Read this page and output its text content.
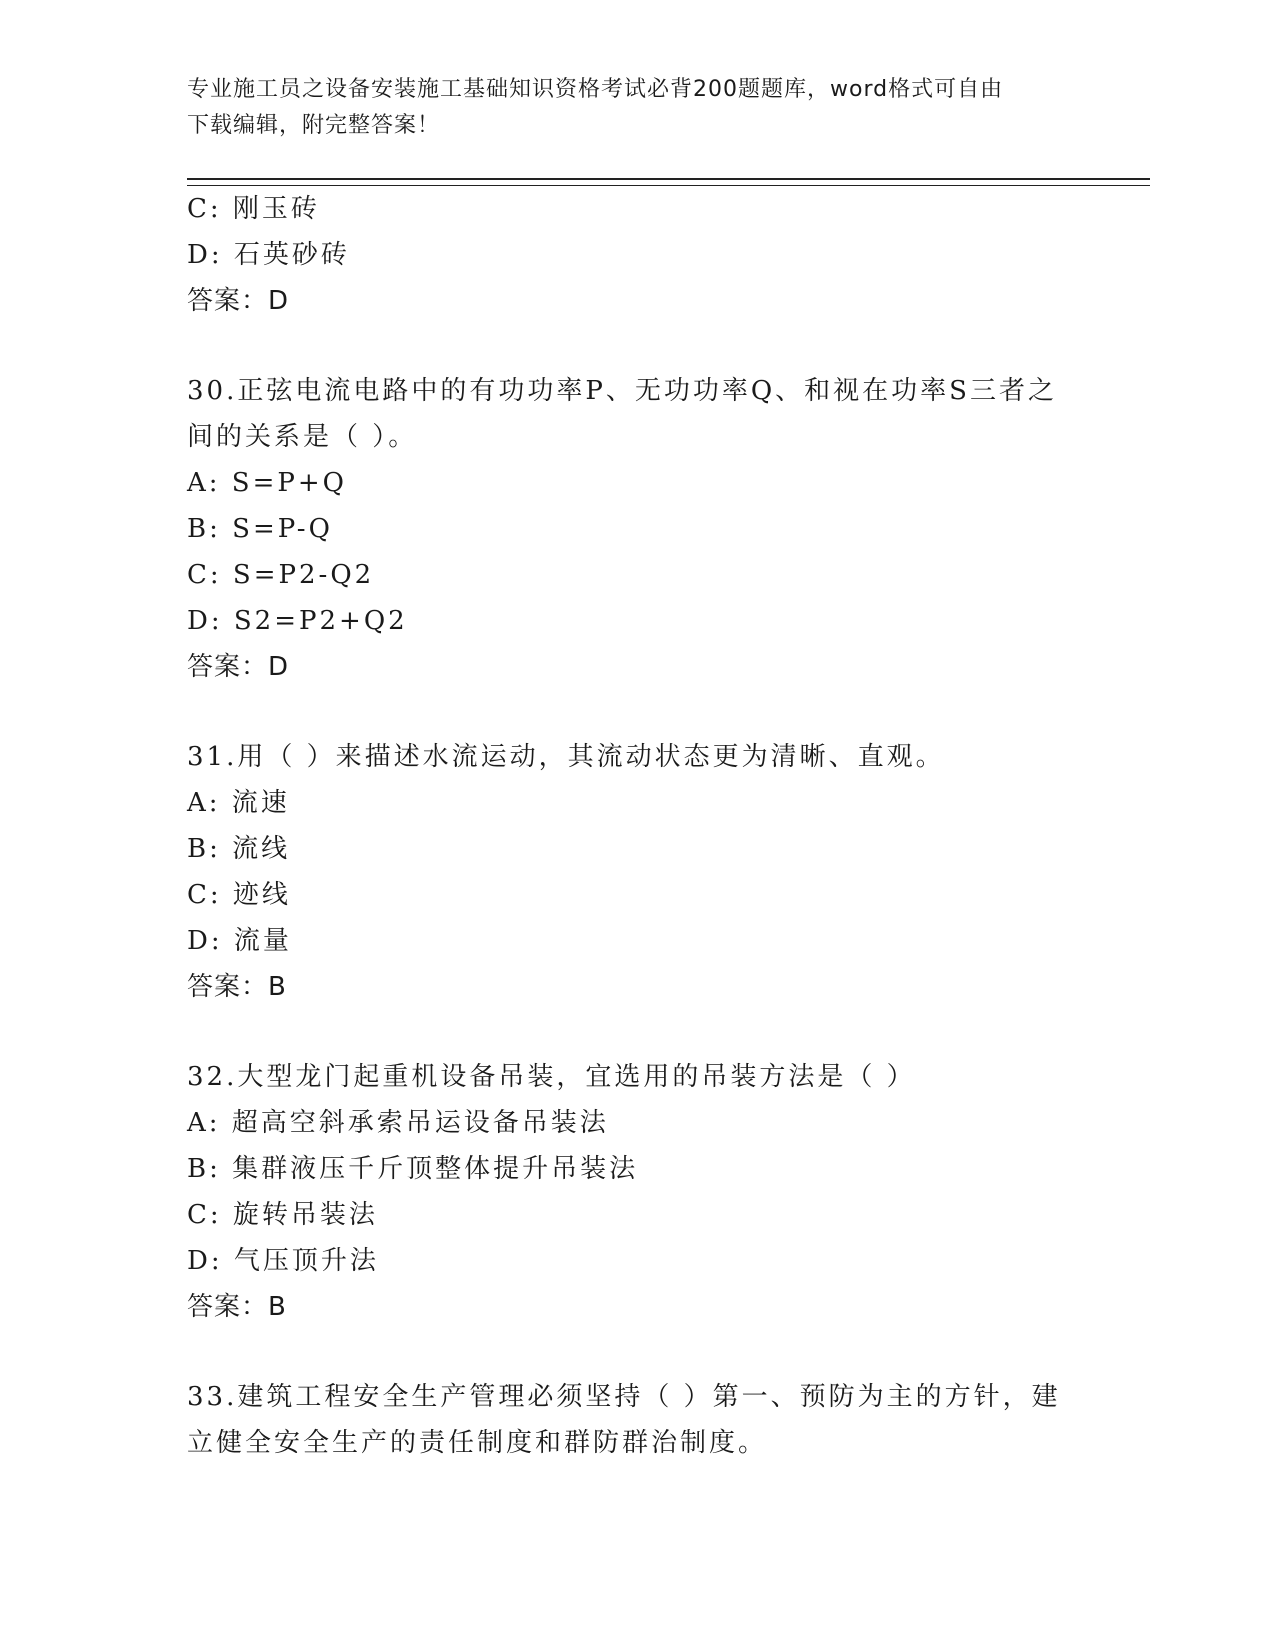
专业施工员之设备安装施工基础知识资格考试必背200题题库，word格式可自由
下载编辑，附完整答案！
C: 刚玉砖
D: 石英砂砖
答案：D
30.正弦电流电路中的有功功率P、无功功率Q、和视在功率S三者之
间的关系是（ ）。
A: S=P+Q
B: S=P-Q
C: S=P2-Q2
D: S2=P2+Q2
答案：D
31.用（ ）来描述水流运动，其流动状态更为清晰、直观。
A: 流速
B: 流线
C: 迹线
D: 流量
答案：B
32.大型龙门起重机设备吊装，宜选用的吊装方法是（ ）
A: 超高空斜承索吊运设备吊装法
B: 集群液压千斤顶整体提升吊装法
C: 旋转吊装法
D: 气压顶升法
答案：B
33.建筑工程安全生产管理必须坚持（ ）第一、预防为主的方针，建
立健全安全生产的责任制度和群防群治制度。
